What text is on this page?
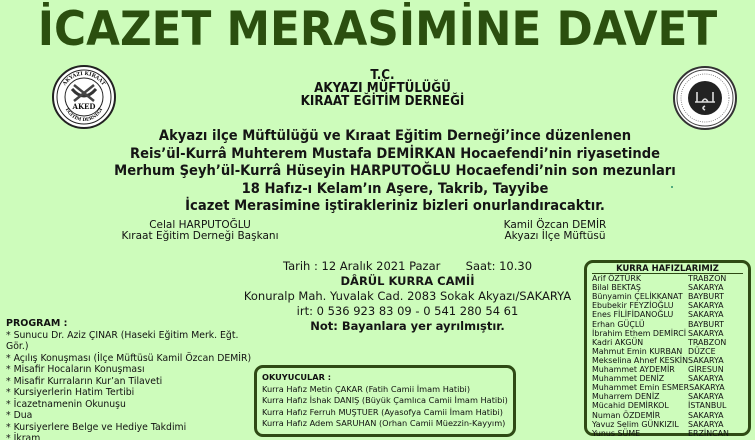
İCAZET MERASİMİNE DAVET
AKED
AKYAZI KIRAAT
EĞİTİM DERNEĞİ
T.C.
AKYAZI MÜFTÜLÜĞÜ
KIRAAT EĞİTİM DERNEĞİ
Akyazı ilçe Müftülüğü ve Kıraat Eğitim Derneği’ince düzenlenen
Reis’ül-Kurrâ Muhterem Mustafa DEMİRKAN Hocaefendi’nin riyasetinde
Merhum Şeyh’ül-Kurrâ Hüseyin HARPUTOĞLU Hocaefendi’nin son mezunları
18 Hafız-ı Kelam’ın Aşere, Takrib, Tayyibe
İcazet Merasimine iştirakleriniz bizleri onurlandıracaktır.
Celal HARPUTOĞLU
Kıraat Eğitim Derneği Başkanı
Kamil Özcan DEMİR
Akyazı İlçe Müftüsü
Tarih : 12 Aralık 2021 Pazar Saat: 10.30
DÂRÜL KURRA CAMİİ
Konuralp Mah. Yuvalak Cad. 2083 Sokak Akyazı/SAKARYA
irt: 0 536 923 83 09 - 0 541 280 54 61
Not: Bayanlara yer ayrılmıştır.
PROGRAM :
* Sunucu Dr. Aziz ÇINAR (Haseki Eğitim Merk. Eğt. Gör.)
* Açılış Konuşması (İlçe Müftüsü Kamil Özcan DEMİR)
* Misafir Hocaların Konuşması
* Misafir Kurraların Kur’an Tilaveti
* Kursiyerlerin Hatim Tertibi
* İcazetnamenin Okunuşu
* Dua
* Kursiyerlere Belge ve Hediye Takdimi
* İkram
OKUYUCULAR :
Kurra Hafız Metin ÇAKAR (Fatih Camii İmam Hatibi)
Kurra Hafız İshak DANIŞ (Büyük Çamlıca Camii İmam Hatibi)
Kurra Hafız Ferruh MUŞTUER (Ayasofya Camii İmam Hatibi)
Kurra Hafız Adem SARUHAN (Orhan Camii Müezzin-Kayyım)
KURRA HAFIZLARIMIZ
Arif ÖZTÜRK	TRABZON
Bilal BEKTAŞ	SAKARYA
Bünyamin ÇELİKKANAT BAYBURT
Ebubekir FEYZİOĞLU SAKARYA
Enes FİLİFİDANOĞLU SAKARYA
Erhan GÜÇLÜ	BAYBURT
İbrahim Ethem DEMİRCİ SAKARYA
Kadri AKGÜN	TRABZON
Mahmut Emin KURBAN DÜZCE
Mekselina Ahnef KESKİN SAKARYA
Muhammet AYDEMİR GİRESUN
Muhammet DENİZ	SAKARYA
Muhammet Emin ESMER SAKARYA
Muharrem DENİZ	SAKARYA
Mücahid DEMİRKOL İSTANBUL
Numan ÖZDEMİR	SAKARYA
Yavuz Selim GÜNKIZIL SAKARYA
Yunus SÜME	ERZİNCAN
